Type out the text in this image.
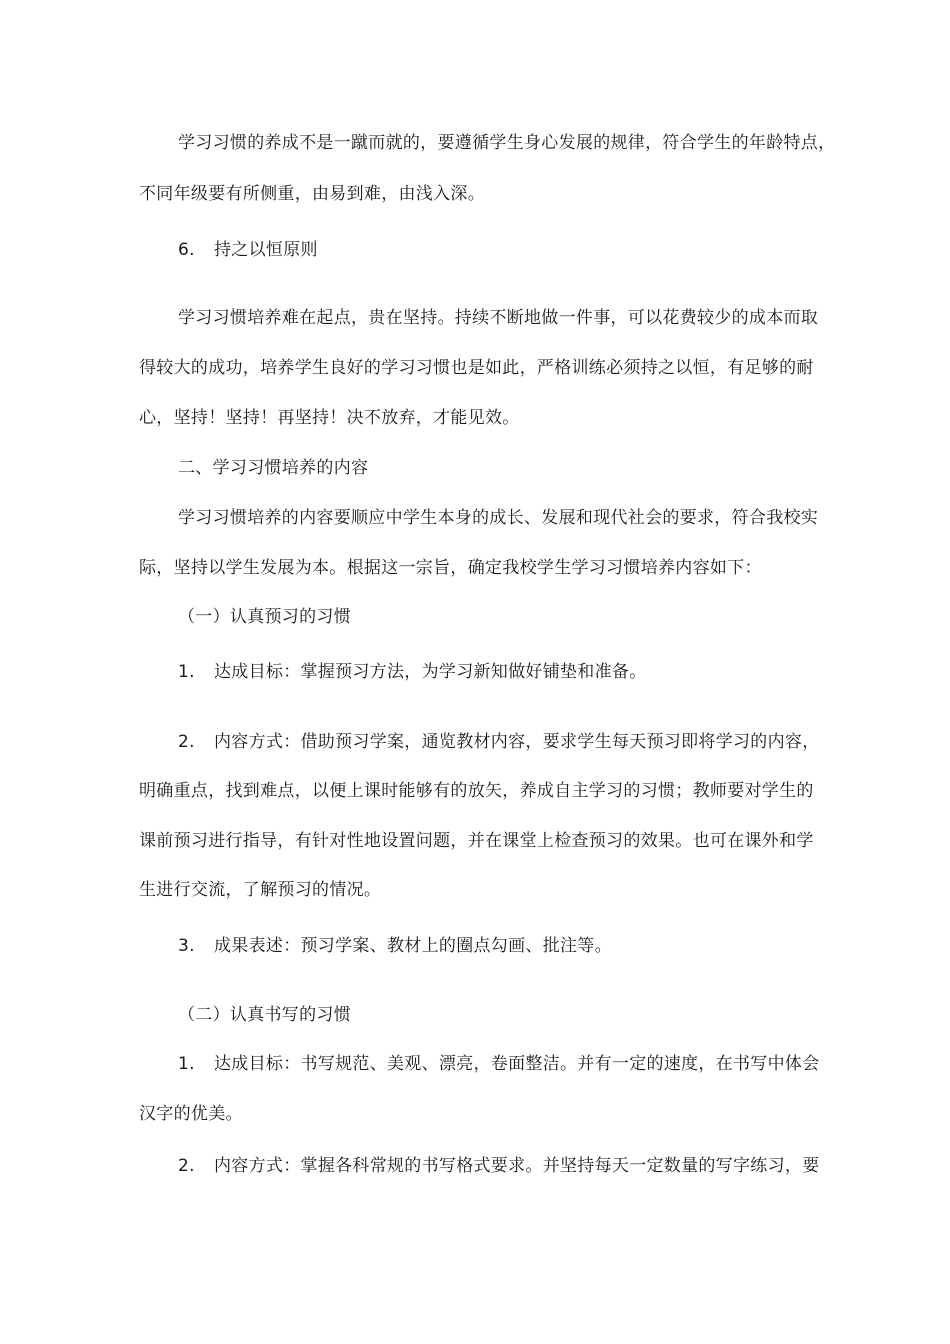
学习习惯的养成不是一蹴而就的，要遵循学生身心发展的规律，符合学生的年龄特点，
不同年级要有所侧重，由易到难，由浅入深。
6. 持之以恒原则
学习习惯培养难在起点，贵在坚持。持续不断地做一件事，可以花费较少的成本而取
得较大的成功，培养学生良好的学习习惯也是如此，严格训练必须持之以恒，有足够的耐
心，坚持！坚持！再坚持！决不放弃，才能见效。
二、学习习惯培养的内容
学习习惯培养的内容要顺应中学生本身的成长、发展和现代社会的要求，符合我校实
际，坚持以学生发展为本。根据这一宗旨，确定我校学生学习习惯培养内容如下：
（一）认真预习的习惯
1. 达成目标：掌握预习方法，为学习新知做好铺垫和准备。
2. 内容方式：借助预习学案，通览教材内容，要求学生每天预习即将学习的内容，
明确重点，找到难点，以便上课时能够有的放矢，养成自主学习的习惯；教师要对学生的
课前预习进行指导，有针对性地设置问题，并在课堂上检查预习的效果。也可在课外和学
生进行交流，了解预习的情况。
3. 成果表述：预习学案、教材上的圈点勾画、批注等。
（二）认真书写的习惯
1. 达成目标：书写规范、美观、漂亮，卷面整洁。并有一定的速度，在书写中体会
汉字的优美。
2. 内容方式：掌握各科常规的书写格式要求。并坚持每天一定数量的写字练习，要
